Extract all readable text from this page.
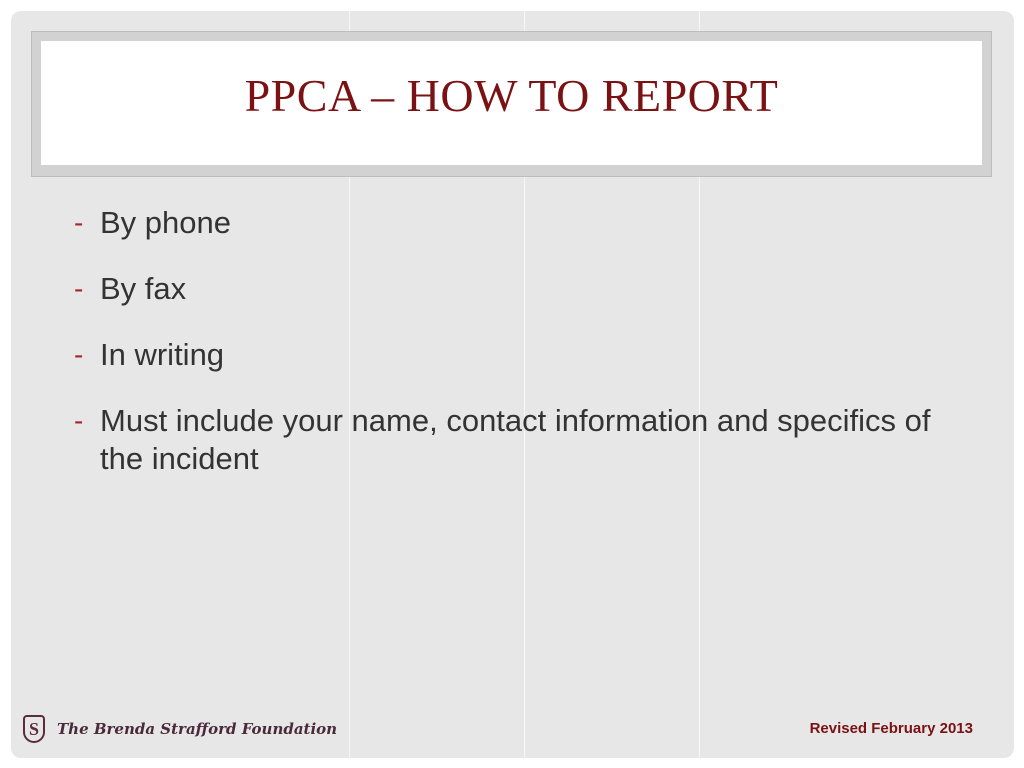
PPCA – HOW TO REPORT
- By phone
- By fax
- In writing
- Must include your name, contact information and specifics of the incident
S	The Brenda Strafford Foundation	Revised February 2013
